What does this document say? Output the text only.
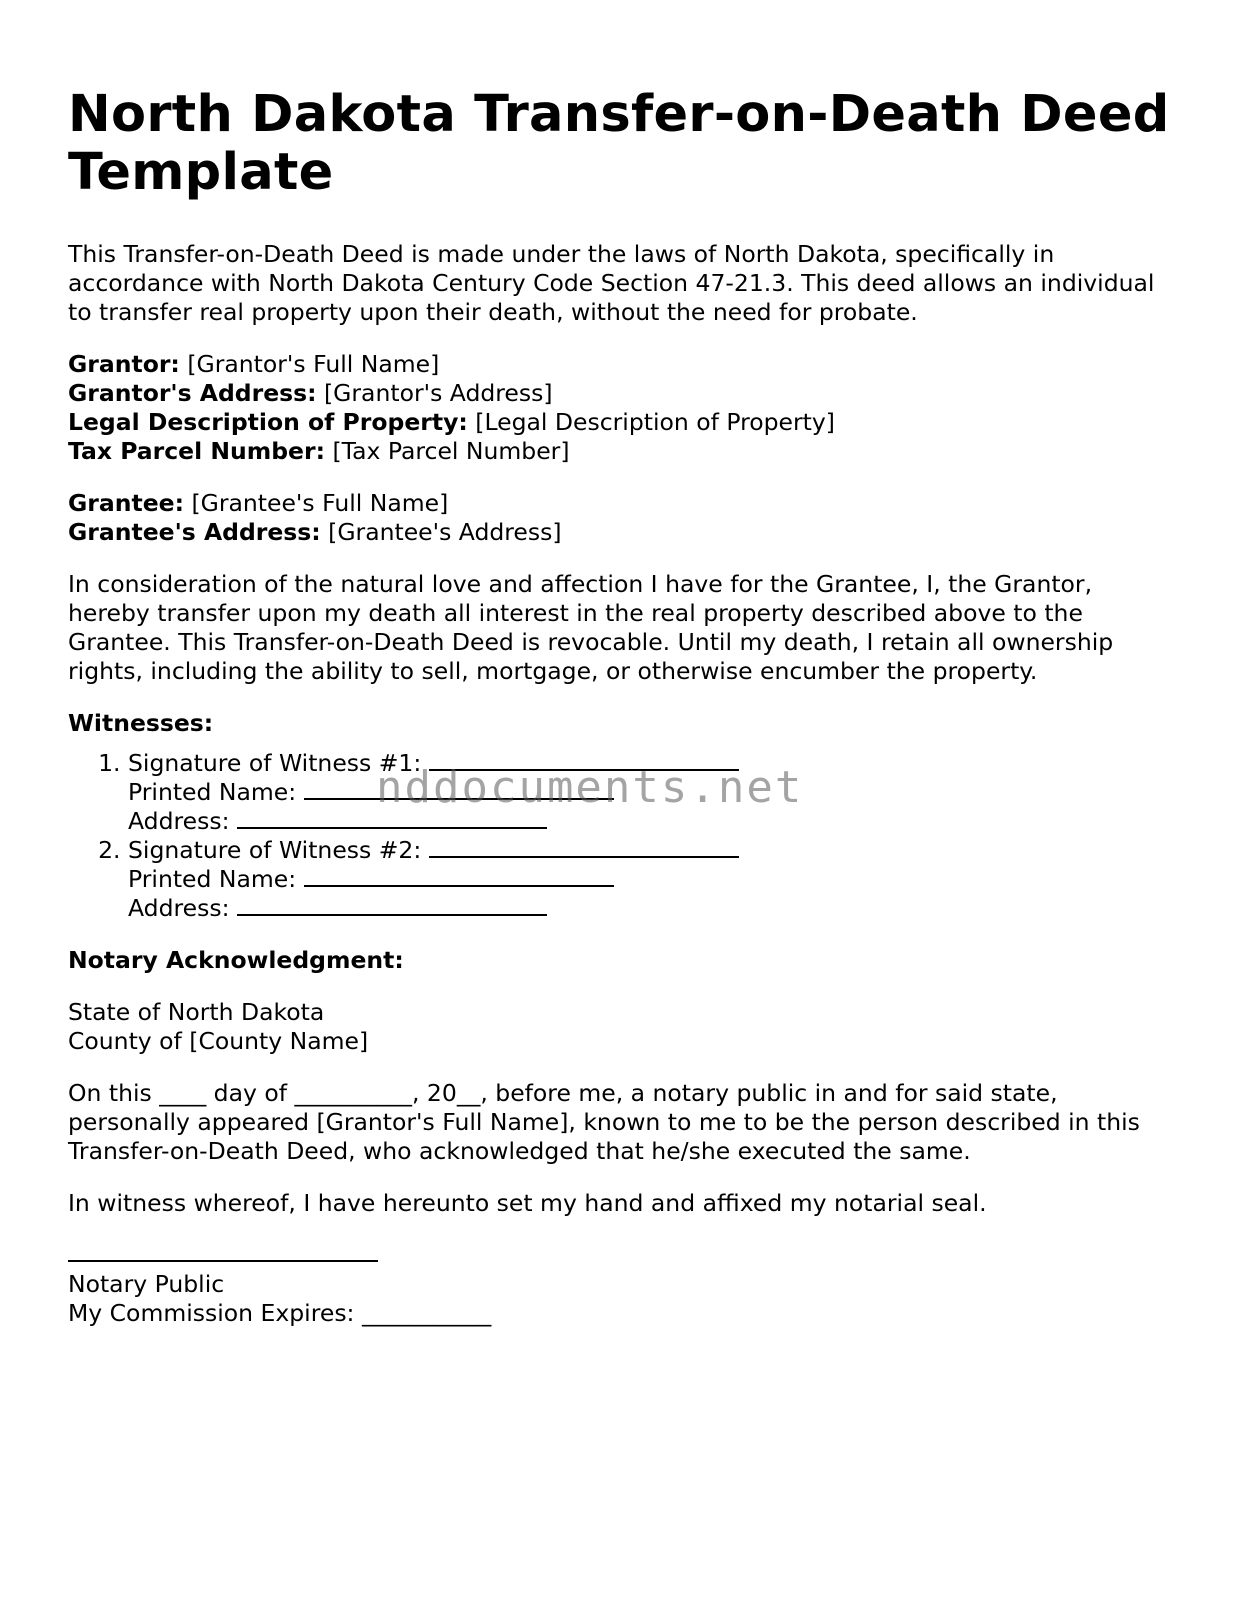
North Dakota Transfer-on-Death Deed Template

This Transfer-on-Death Deed is made under the laws of North Dakota, specifically in accordance with North Dakota Century Code Section 47-21.3. This deed allows an individual to transfer real property upon their death, without the need for probate.

Grantor: [Grantor's Full Name]
Grantor's Address: [Grantor's Address]
Legal Description of Property: [Legal Description of Property]
Tax Parcel Number: [Tax Parcel Number]
Grantee: [Grantee's Full Name]
Grantee's Address: [Grantee's Address]

In consideration of the natural love and affection I have for the Grantee, I, the Grantor, hereby transfer upon my death all interest in the real property described above to the Grantee. This Transfer-on-Death Deed is revocable. Until my death, I retain all ownership rights, including the ability to sell, mortgage, or otherwise encumber the property.

Witnesses:
1. Signature of Witness #1:
Printed Name:
Address:
2. Signature of Witness #2:
Printed Name:
Address:
Notary Acknowledgment:
State of North Dakota
County of [County Name]

On this ____ day of __________, 20__, before me, a notary public in and for said state, personally appeared [Grantor's Full Name], known to me to be the person described in this Transfer-on-Death Deed, who acknowledged that he/she executed the same.

In witness whereof, I have hereunto set my hand and affixed my notarial seal.

Notary Public
My Commission Expires: ___________
nddocuments.net
